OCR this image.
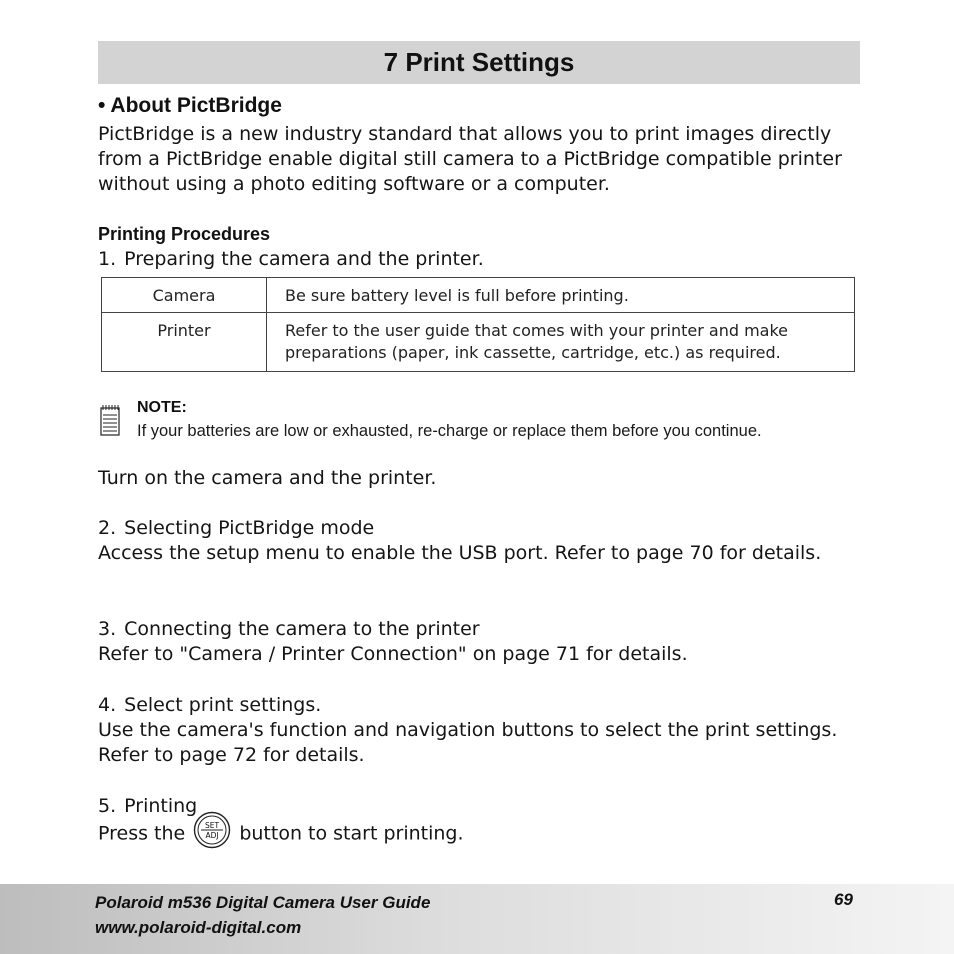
7 Print Settings
• About PictBridge
PictBridge is a new industry standard that allows you to print images directly from a PictBridge enable digital still camera to a PictBridge compatible printer without using a photo editing software or a computer.
Printing Procedures
1. Preparing the camera and the printer.
Camera	Be sure battery level is full before printing.
Printer	Refer to the user guide that comes with your printer and make preparations (paper, ink cassette, cartridge, etc.) as required.
NOTE:
If your batteries are low or exhausted, re-charge or replace them before you continue.
Turn on the camera and the printer.
2. Selecting PictBridge mode
Access the setup menu to enable the USB port. Refer to page 70 for details.
3. Connecting the camera to the printer
Refer to "Camera / Printer Connection" on page 71 for details.
4. Select print settings.
Use the camera's function and navigation buttons to select the print settings. Refer to page 72 for details.
5. Printing
Press the	SET
ADJ button to start printing.
Polaroid m536 Digital Camera User Guide
www.polaroid-digital.com
69
